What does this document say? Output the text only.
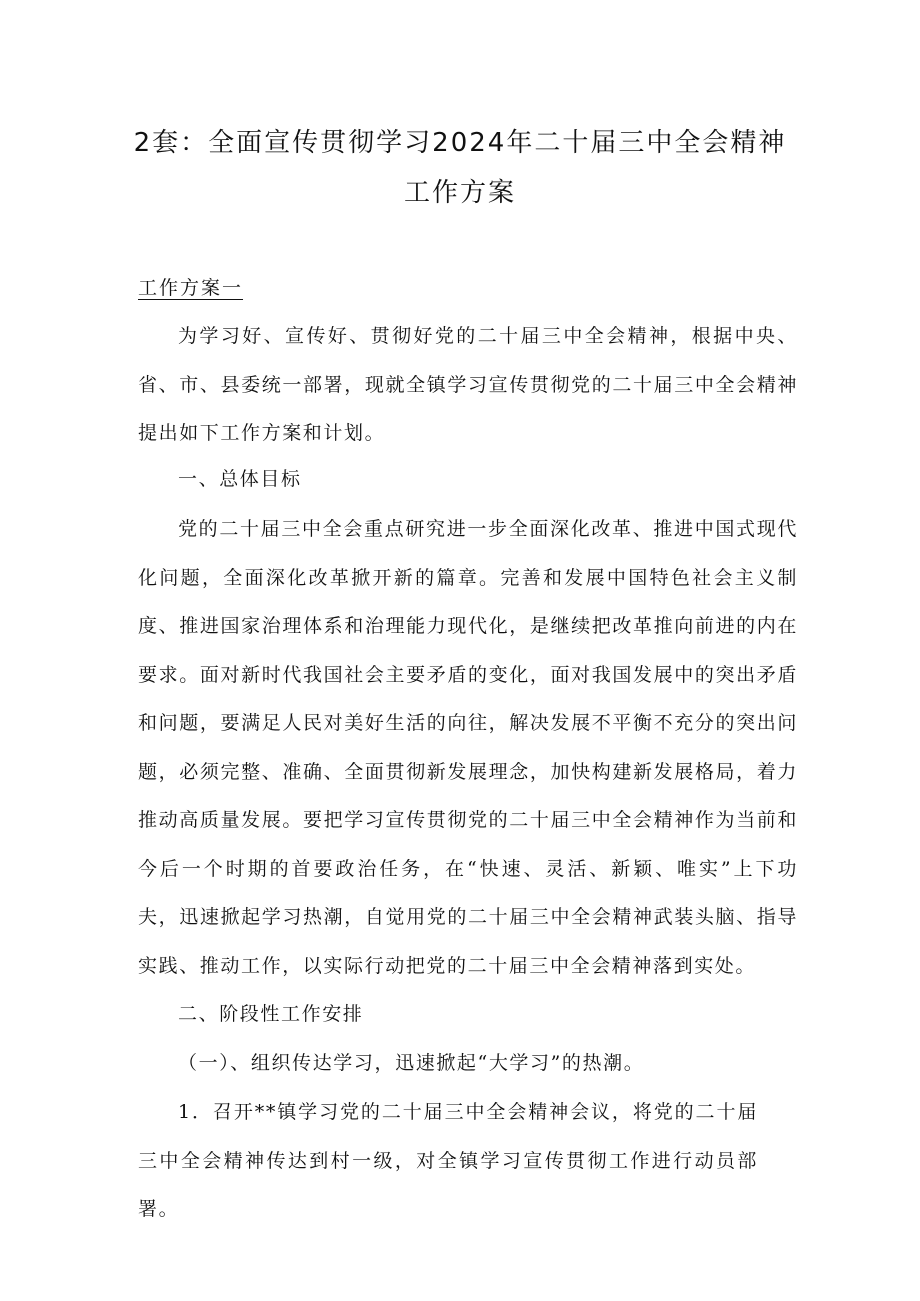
2套：全面宣传贯彻学习2024年二十届三中全会精神
工作方案
工作方案一

为学习好、宣传好、贯彻好党的二十届三中全会精神，根据中央、省、市、县委统一部署，现就全镇学习宣传贯彻党的二十届三中全会精神提出如下工作方案和计划。

一、总体目标

党的二十届三中全会重点研究进一步全面深化改革、推进中国式现代化问题，全面深化改革掀开新的篇章。完善和发展中国特色社会主义制度、推进国家治理体系和治理能力现代化，是继续把改革推向前进的内在要求。面对新时代我国社会主要矛盾的变化，面对我国发展中的突出矛盾和问题，要满足人民对美好生活的向往，解决发展不平衡不充分的突出问题，必须完整、准确、全面贯彻新发展理念，加快构建新发展格局，着力推动高质量发展。要把学习宣传贯彻党的二十届三中全会精神作为当前和今后一个时期的首要政治任务，在“快速、灵活、新颖、唯实”上下功夫，迅速掀起学习热潮，自觉用党的二十届三中全会精神武装头脑、指导实践、推动工作，以实际行动把党的二十届三中全会精神落到实处。

二、阶段性工作安排

（一）、组织传达学习，迅速掀起“大学习”的热潮。

1．召开**镇学习党的二十届三中全会精神会议，将党的二十届三中全会精神传达到村一级，对全镇学习宣传贯彻工作进行动员部署。
